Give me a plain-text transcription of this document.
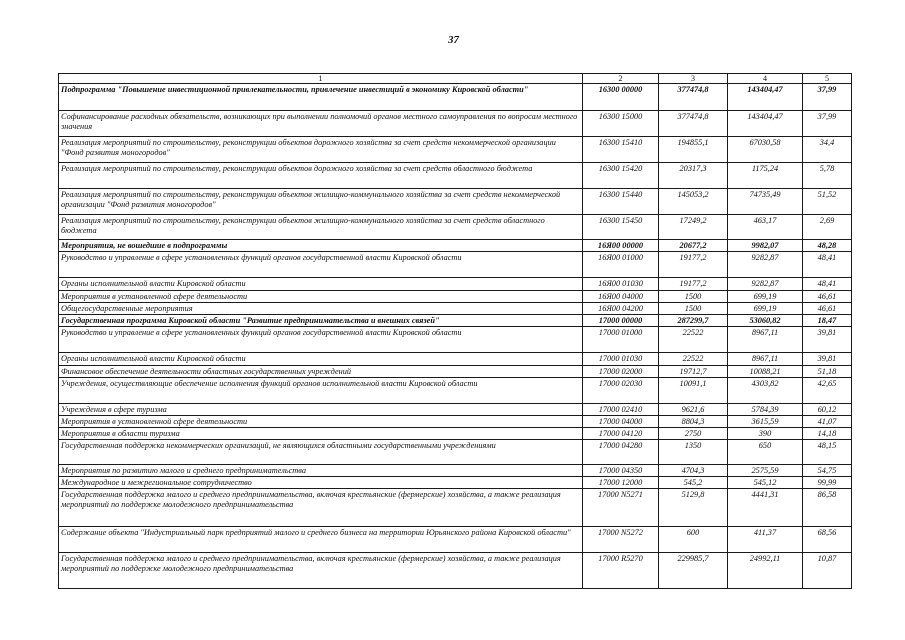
37
1	2	3	4	5
Подпрограмма "Повышение инвестиционной привлекательности, привлечение инвестиций в экономику Кировской области"	16300 00000	377474,8	143404,47	37,99
Софинансирование расходных обязательств, возникающих при выполнении полномочий органов местного самоуправления по вопросам местного значения	16300 15000	377474,8	143404,47	37,99
Реализация мероприятий по строительству, реконструкции объектов дорожного хозяйства за счет средств некоммерческой организации "Фонд развития моногородов"	16300 15410	194855,1	67030,58	34,4
Реализация мероприятий по строительству, реконструкции объектов дорожного хозяйства за счет средств областного бюджета	16300 15420	20317,3	1175,24	5,78
Реализация мероприятий по строительству, реконструкции объектов жилищно-коммунального хозяйства за счет средств некоммерческой организации "Фонд развития моногородов"	16300 15440	145053,2	74735,49	51,52
Реализация мероприятий по строительству, реконструкции объектов жилищно-коммунального хозяйства за счет средств областного бюджета	16300 15450	17249,2	463,17	2,69
Мероприятия, не вошедшие в подпрограммы	16Я00 00000	20677,2	9982,07	48,28
Руководство и управление в сфере установленных функций органов государственной власти Кировской области	16Я00 01000	19177,2	9282,87	48,41
Органы исполнительной власти Кировской области	16Я00 01030	19177,2	9282,87	48,41
Мероприятия в установленной сфере деятельности	16Я00 04000	1500	699,19	46,61
Общегосударственные мероприятия	16Я00 04200	1500	699,19	46,61
Государственная программа Кировской области "Развитие предпринимательства и внешних связей"	17000 00000	287299,7	53060,82	18,47
Руководство и управление в сфере установленных функций органов государственной власти Кировской области	17000 01000	22522	8967,11	39,81
Органы исполнительной власти Кировской области	17000 01030	22522	8967,11	39,81
Финансовое обеспечение деятельности областных государственных учреждений	17000 02000	19712,7	10088,21	51,18
Учреждения, осуществляющие обеспечение исполнения функций органов исполнительной власти Кировской области	17000 02030	10091,1	4303,82	42,65
Учреждения в сфере туризма	17000 02410	9621,6	5784,39	60,12
Мероприятия в установленной сфере деятельности	17000 04000	8804,3	3615,59	41,07
Мероприятия в области туризма	17000 04120	2750	390	14,18
Государственная поддержка некоммерческих организаций, не являющихся областными государственными учреждениями	17000 04280	1350	650	48,15
Мероприятия по развитию малого и среднего предпринимательства	17000 04350	4704,3	2575,59	54,75
Международное и межрегиональное сотрудничество	17000 12000	545,2	545,12	99,99
Государственная поддержка малого и среднего предпринимательства, включая крестьянские (фермерские) хозяйства, а также реализация мероприятий по поддержке молодежного предпринимательства	17000 N5271	5129,8	4441,31	86,58
Содержание объекта "Индустриальный парк предприятий малого и среднего бизнеса на территории Юрьянского района Кировской области"	17000 N5272	600	411,37	68,56
Государственная поддержка малого и среднего предпринимательства, включая крестьянские (фермерские) хозяйства, а также реализация мероприятий по поддержке молодежного предпринимательства	17000 R5270	229985,7	24992,11	10,87
